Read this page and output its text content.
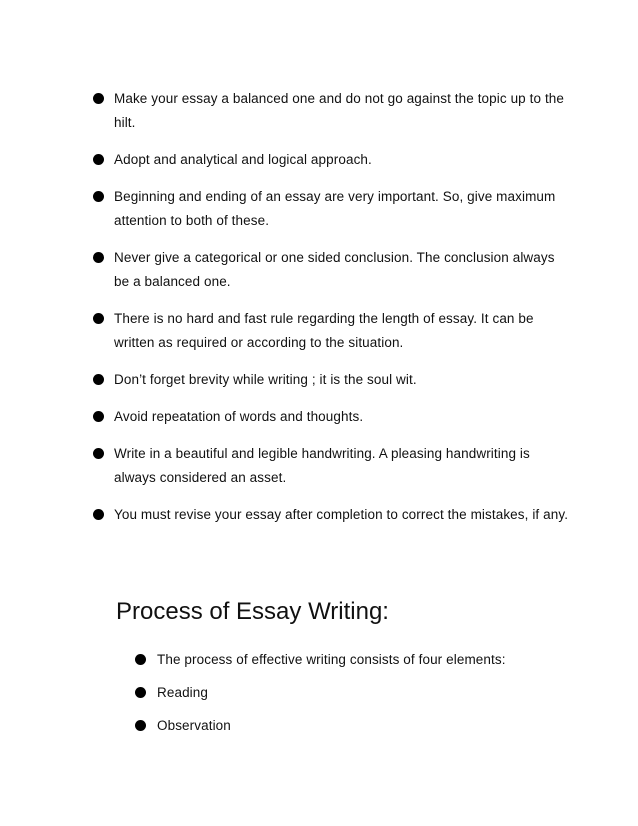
Make your essay a balanced one and do not go against the topic up to the hilt.
Adopt and analytical and logical approach.
Beginning and ending of an essay are very important. So, give maximum attention to both of these.
Never give a categorical or one sided conclusion. The conclusion always be a balanced one.
There is no hard and fast rule regarding the length of essay. It can be written as required or according to the situation.
Don’t forget brevity while writing ; it is the soul wit.
Avoid repeatation of words and thoughts.
Write in a beautiful and legible handwriting. A pleasing handwriting is always considered an asset.
You must revise your essay after completion to correct the mistakes, if any.
Process of Essay Writing:
The process of effective writing consists of four elements:
Reading
Observation
